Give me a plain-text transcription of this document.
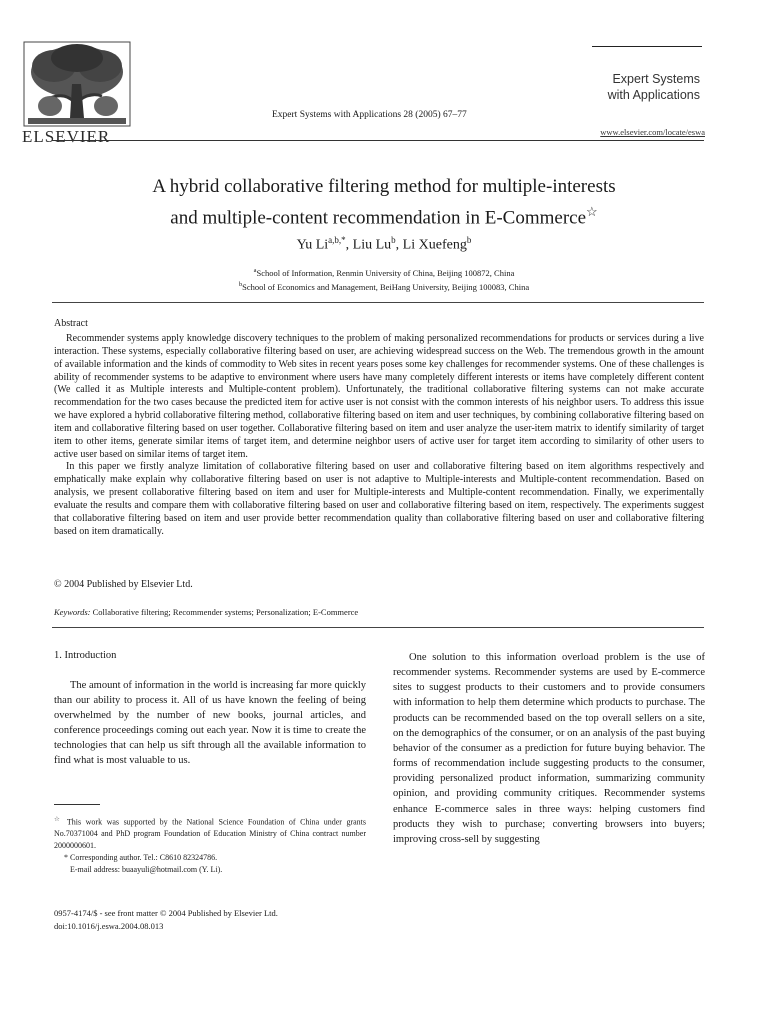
ELSEVIER
Expert Systems with Applications 28 (2005) 67–77
Expert Systems
with Applications
www.elsevier.com/locate/eswa
A hybrid collaborative filtering method for multiple-interests
and multiple-content recommendation in E-Commerce☆
Yu $Li^{a,b,*}$, Liu Lu$^b$, Li Xuefeng$^b$
$^a$School of Information, Renmin University of China, Beijing 100872, China
$^b$School of Economics and Management, BeiHang University, Beijing 100083, China
Abstract

Recommender systems apply knowledge discovery techniques to the problem of making personalized recommendations for products or services during a live interaction. These systems, especially collaborative filtering based on user, are achieving widespread success on the Web. The tremendous growth in the amount of available information and the kinds of commodity to Web sites in recent years poses some key challenges for recommender systems. One of these challenges is ability of recommender systems to be adaptive to environment where users have many completely different interests or items have completely different content (We called it as Multiple interests and Multiple-content problem). Unfortunately, the traditional collaborative filtering systems can not make accurate recommendation for the two cases because the predicted item for active user is not consist with the common interests of his neighbor users. To address this issue we have explored a hybrid collaborative filtering method, collaborative filtering based on item and user techniques, by combining collaborative filtering based on item and collaborative filtering based on user together. Collaborative filtering based on item and user analyze the user-item matrix to identify similarity of target item to other items, generate similar items of target item, and determine neighbor users of active user for target item according to similarity of other users to active user based on similar items of target item.

In this paper we firstly analyze limitation of collaborative filtering based on user and collaborative filtering based on item algorithms respectively and emphatically make explain why collaborative filtering based on user is not adaptive to Multiple-interests and Multiple-content recommendation. Based on analysis, we present collaborative filtering based on item and user for Multiple-interests and Multiple-content recommendation. Finally, we experimentally evaluate the results and compare them with collaborative filtering based on user and collaborative filtering based on item, respectively. The experiments suggest that collaborative filtering based on item and user provide better recommendation quality than collaborative filtering based on user and collaborative filtering based on item dramatically.

© 2004 Published by Elsevier Ltd.
Keywords: Collaborative filtering; Recommender systems; Personalization; E-Commerce
1. Introduction

The amount of information in the world is increasing far more quickly than our ability to process it. All of us have known the feeling of being overwhelmed by the number of new books, journal articles, and conference proceedings coming out each year. Now it is time to create the technologies that can help us sift through all the available information to find what is most valuable to us.

One solution to this information overload problem is the use of recommender systems. Recommender systems are used by E-commerce sites to suggest products to their customers and to provide consumers with information to help them determine which products to purchase. The products can be recommended based on the top overall sellers on a site, on the demographics of the consumer, or on an analysis of the past buying behavior of the consumer as a prediction for future buying behavior. The forms of recommendation include suggesting products to the consumer, providing personalized product information, summarizing community opinion, and providing community critiques. Recommender systems enhance E-commerce sales in three ways: helping customers find products they wish to purchase; converting browsers into buyers; improving cross-sell by suggesting

☆ This work was supported by the National Science Foundation of China under grants No.70371004 and PhD program Foundation of Education Ministry of China contract number 2000000601.

* Corresponding author. Tel.: C8610 82324786.

E-mail address: buaayuli@hotmail.com (Y. Li).

0957-4174/$ - see front matter © 2004 Published by Elsevier Ltd.
doi:10.1016/j.eswa.2004.08.013
